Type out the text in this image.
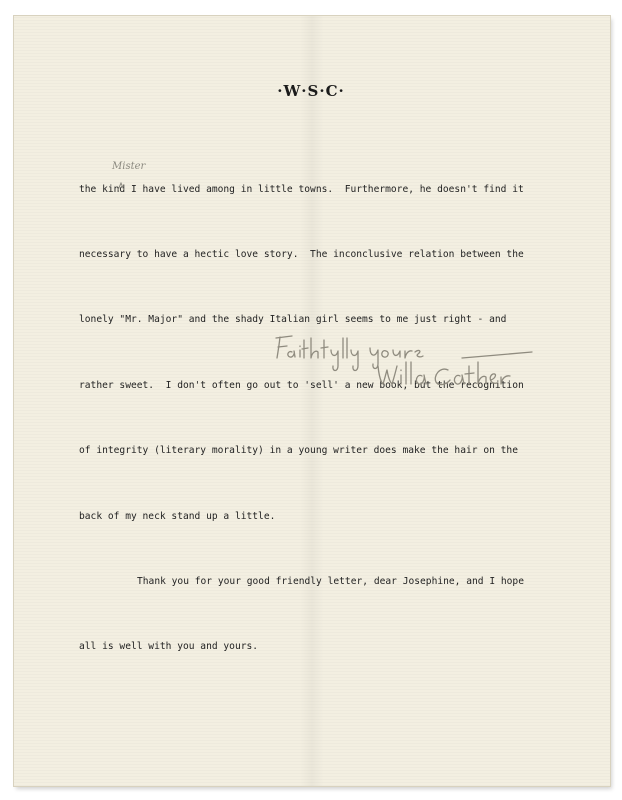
·W·S·C·

the kind I have lived among in little towns.  Furthermore, he doesn't find it

necessary to have a hectic love story.  The inconclusive relation between the

lonely "Mr. Major" and the shady Italian girl seems to me just right - and

rather sweet.  I don't often go out to 'sell' a new book, but the recognition

of integrity (literary morality) in a young writer does make the hair on the

back of my neck stand up a little.

Thank you for your good friendly letter, dear Josephine, and I hope

all is well with you and yours.

Mister
